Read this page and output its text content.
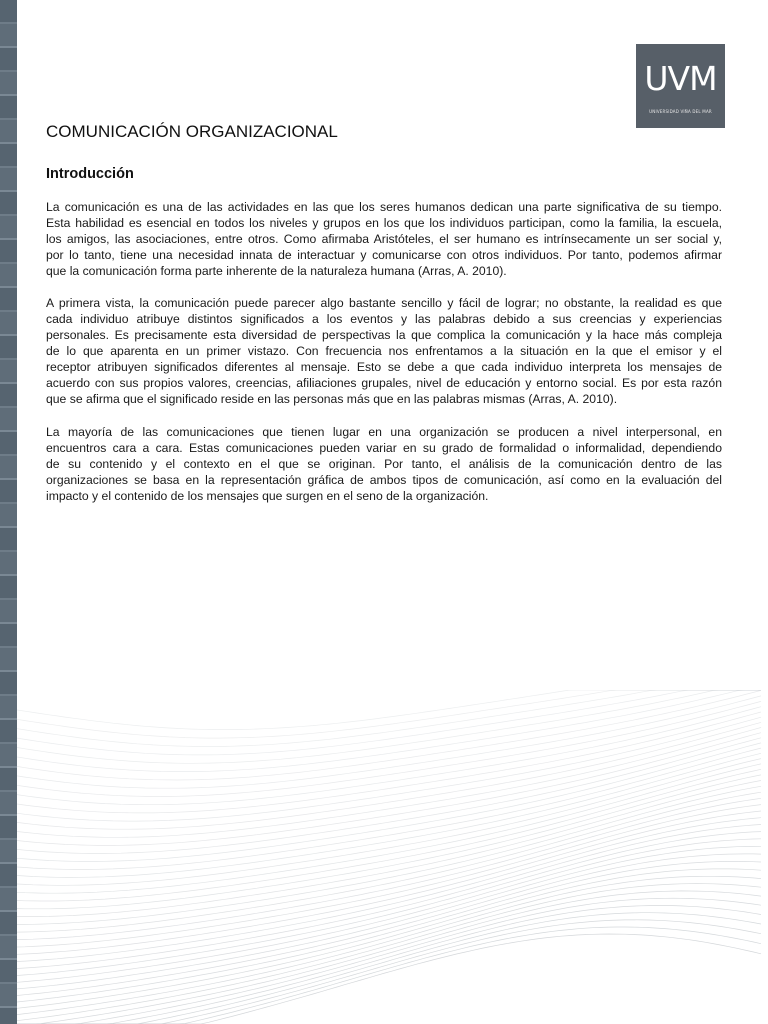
UVM
UNIVERSIDAD VIÑA DEL MAR
COMUNICACIÓN ORGANIZACIONAL
Introducción
La comunicación es una de las actividades en las que los seres humanos dedican una parte significativa de su tiempo.
Esta habilidad es esencial en todos los niveles y grupos en los que los individuos participan, como la familia, la escuela,
los amigos, las asociaciones, entre otros. Como afirmaba Aristóteles, el ser humano es intrínsecamente un ser social y,
por lo tanto, tiene una necesidad innata de interactuar y comunicarse con otros individuos. Por tanto, podemos afirmar
que la comunicación forma parte inherente de la naturaleza humana (Arras, A. 2010).
A primera vista, la comunicación puede parecer algo bastante sencillo y fácil de lograr; no obstante, la realidad es que
cada individuo atribuye distintos significados a los eventos y las palabras debido a sus creencias y experiencias
personales. Es precisamente esta diversidad de perspectivas la que complica la comunicación y la hace más compleja
de lo que aparenta en un primer vistazo. Con frecuencia nos enfrentamos a la situación en la que el emisor y el
receptor atribuyen significados diferentes al mensaje. Esto se debe a que cada individuo interpreta los mensajes de
acuerdo con sus propios valores, creencias, afiliaciones grupales, nivel de educación y entorno social. Es por esta razón
que se afirma que el significado reside en las personas más que en las palabras mismas (Arras, A. 2010).
La mayoría de las comunicaciones que tienen lugar en una organización se producen a nivel interpersonal, en
encuentros cara a cara. Estas comunicaciones pueden variar en su grado de formalidad o informalidad, dependiendo
de su contenido y el contexto en el que se originan. Por tanto, el análisis de la comunicación dentro de las
organizaciones se basa en la representación gráfica de ambos tipos de comunicación, así como en la evaluación del
impacto y el contenido de los mensajes que surgen en el seno de la organización.
